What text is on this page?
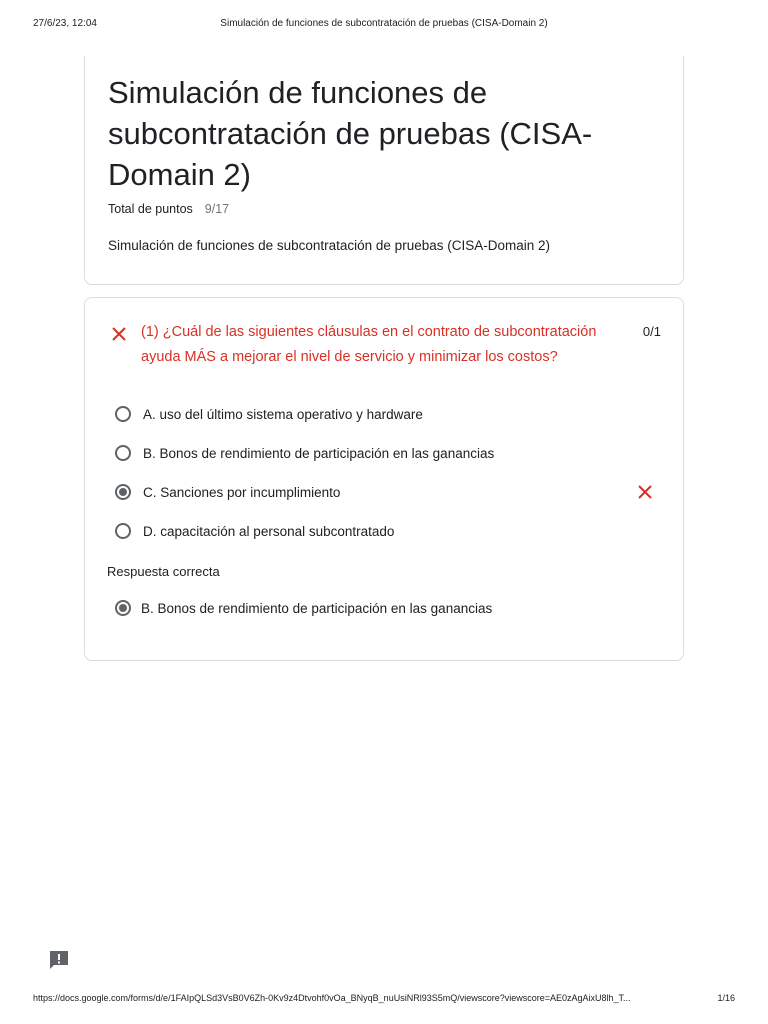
27/6/23, 12:04	Simulación de funciones de subcontratación de pruebas (CISA-Domain 2)
Simulación de funciones de subcontratación de pruebas (CISA-Domain 2)
Total de puntos 9/17
Simulación de funciones de subcontratación de pruebas (CISA-Domain 2)
(1) ¿Cuál de las siguientes cláusulas en el contrato de subcontratación ayuda MÁS a mejorar el nivel de servicio y minimizar los costos?
0/1
A. uso del último sistema operativo y hardware
B. Bonos de rendimiento de participación en las ganancias
C. Sanciones por incumplimiento
D. capacitación al personal subcontratado
Respuesta correcta
B. Bonos de rendimiento de participación en las ganancias
https://docs.google.com/forms/d/e/1FAIpQLSd3VsB0V6Zh-0Kv9z4Dtvohf0vOa_BNyqB_nuUsiNRl93S5mQ/viewscore?viewscore=AE0zAgAixU8lh_T...	1/16
